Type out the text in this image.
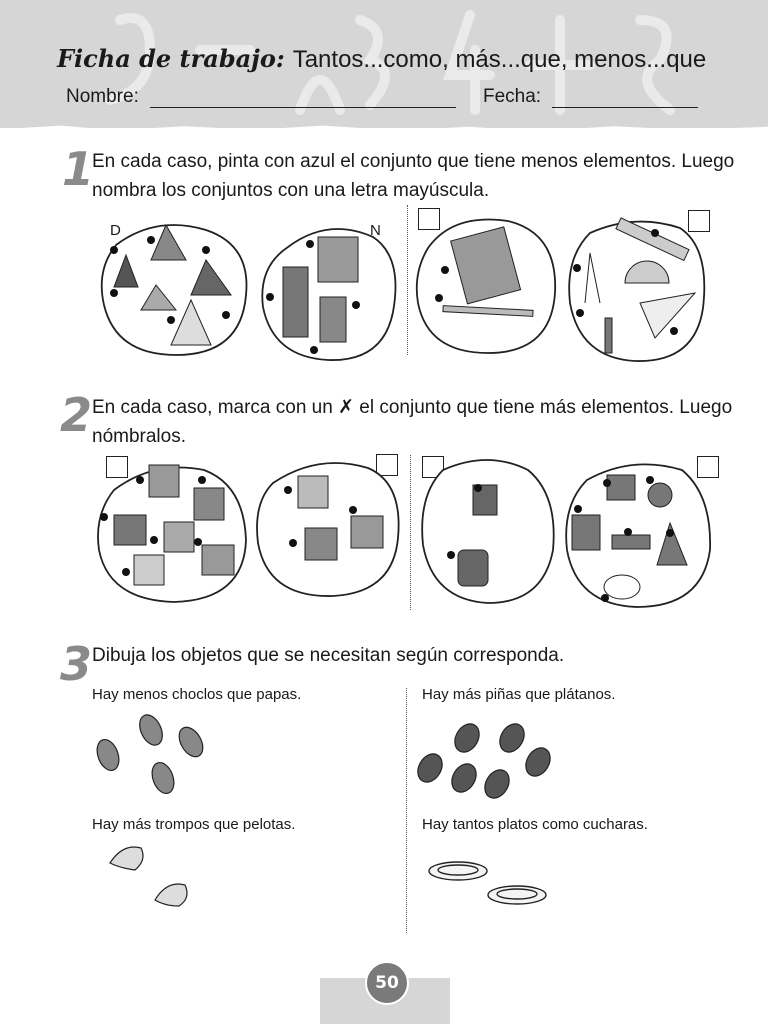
Ficha de trabajo: Tantos...como, más...que, menos...que
Nombre:	Fecha:
1
En cada caso, pinta con azul el conjunto que tiene menos elementos. Luego nombra los conjuntos con una letra mayúscula.
D	N
2 En cada caso, marca con un ✗ el conjunto que tiene más elementos. Luego nómbralos.
3 Dibuja los objetos que se necesitan según corresponda.
Hay menos choclos que papas.	Hay más piñas que plátanos.
Hay más trompos que pelotas.	Hay tantos platos como cucharas.
50
